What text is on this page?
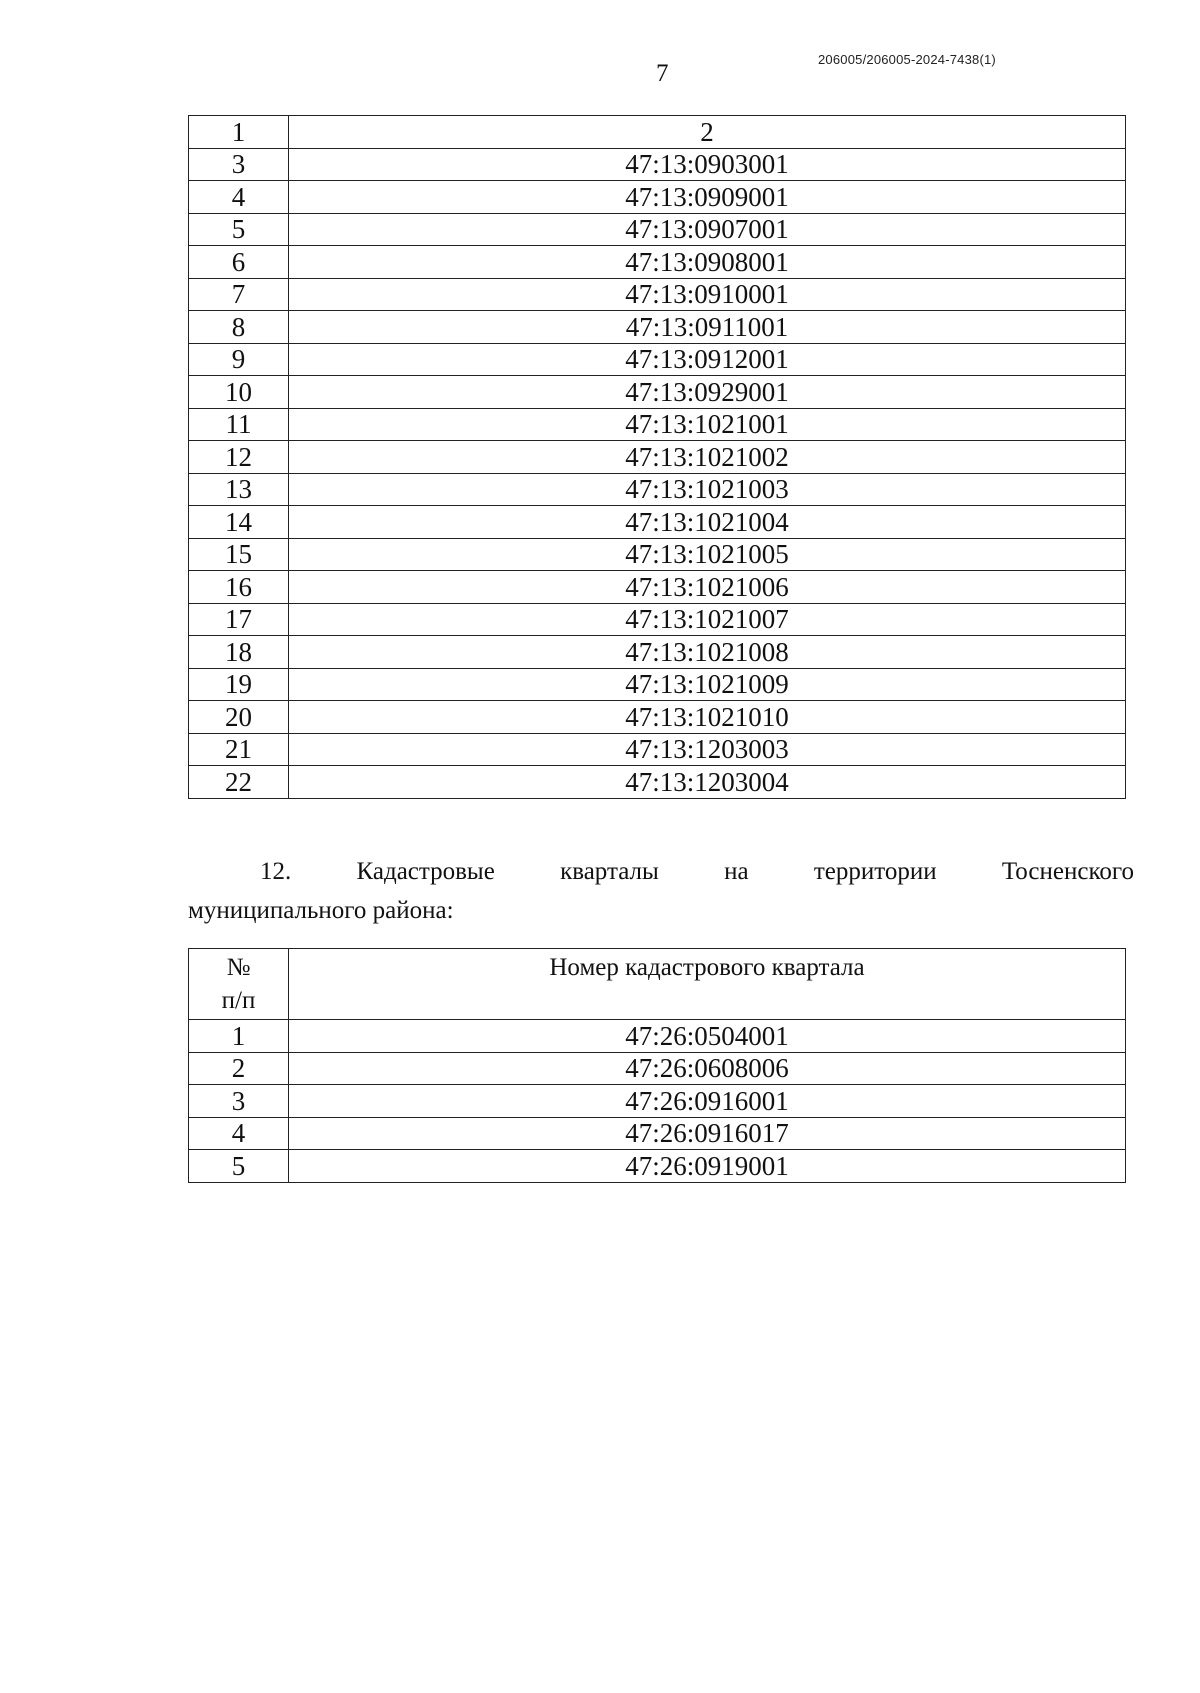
206005/206005-2024-7438(1)
7
1	2
3	47:13:0903001
4	47:13:0909001
5	47:13:0907001
6	47:13:0908001
7	47:13:0910001
8	47:13:0911001
9	47:13:0912001
10	47:13:0929001
11	47:13:1021001
12	47:13:1021002
13	47:13:1021003
14	47:13:1021004
15	47:13:1021005
16	47:13:1021006
17	47:13:1021007
18	47:13:1021008
19	47:13:1021009
20	47:13:1021010
21	47:13:1203003
22	47:13:1203004
12.	Кадастровые	кварталы	на	территории	Тосненского
муниципального района:
№
п/п	Номер кадастрового квартала
1	47:26:0504001
2	47:26:0608006
3	47:26:0916001
4	47:26:0916017
5	47:26:0919001
